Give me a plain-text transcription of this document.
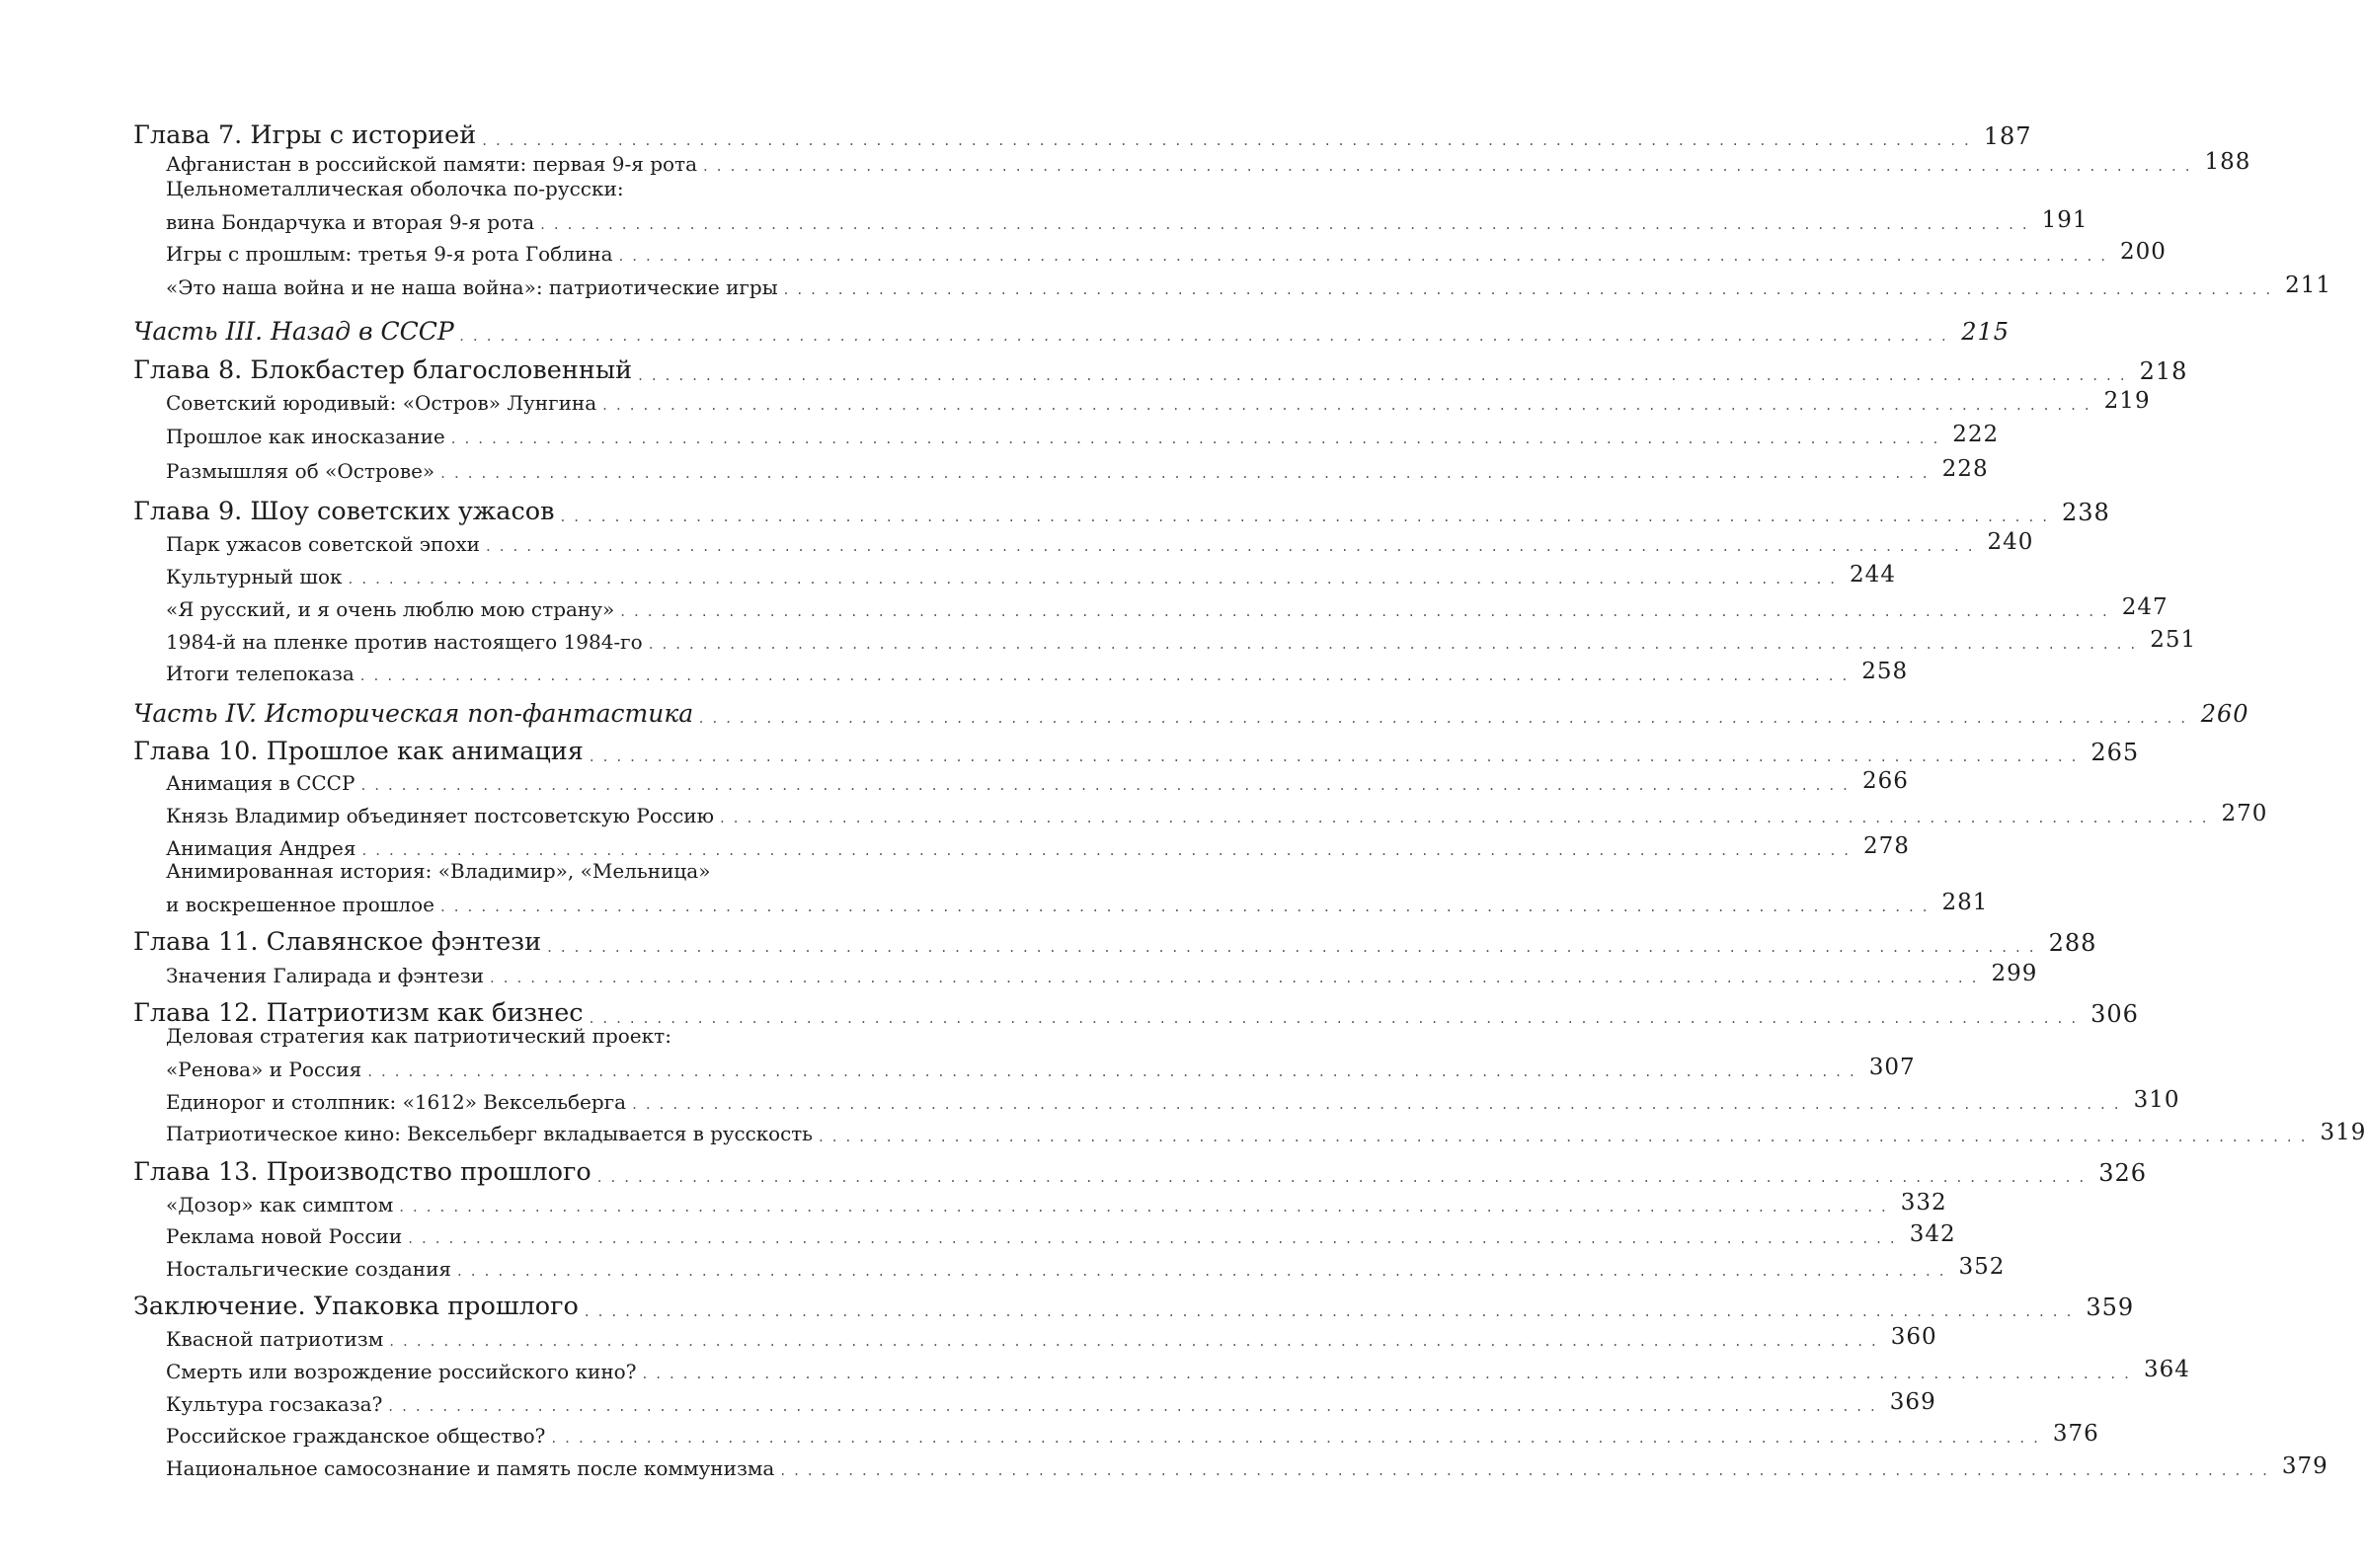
Глава 7. Игры с историей .............................................................................................................. 187
Афганистан в российской памяти: первая 9-я рота .............................................................................................................. 188
Цельнометаллическая оболочка по-русски:
вина Бондарчука и вторая 9-я рота .............................................................................................................. 191
Игры с прошлым: третья 9-я рота Гоблина .............................................................................................................. 200
«Это наша война и не наша война»: патриотические игры .............................................................................................................. 211
Часть III. Назад в СССР .............................................................................................................. 215
Глава 8. Блокбастер благословенный .............................................................................................................. 218
Советский юродивый: «Остров» Лунгина .............................................................................................................. 219
Прошлое как иносказание .............................................................................................................. 222
Размышляя об «Острове» .............................................................................................................. 228
Глава 9. Шоу советских ужасов .............................................................................................................. 238
Парк ужасов советской эпохи .............................................................................................................. 240
Культурный шок .............................................................................................................. 244
«Я русский, и я очень люблю мою страну» .............................................................................................................. 247
1984-й на пленке против настоящего 1984-го .............................................................................................................. 251
Итоги телепоказа .............................................................................................................. 258
Часть IV. Историческая поп-фантастика .............................................................................................................. 260
Глава 10. Прошлое как анимация .............................................................................................................. 265
Анимация в СССР .............................................................................................................. 266
Князь Владимир объединяет постсоветскую Россию .............................................................................................................. 270
Анимация Андрея .............................................................................................................. 278
Анимированная история: «Владимир», «Мельница»
и воскрешенное прошлое .............................................................................................................. 281
Глава 11. Славянское фэнтези .............................................................................................................. 288
Значения Галирада и фэнтези .............................................................................................................. 299
Глава 12. Патриотизм как бизнес .............................................................................................................. 306
Деловая стратегия как патриотический проект:
«Ренова» и Россия .............................................................................................................. 307
Единорог и столпник: «1612» Вексельберга .............................................................................................................. 310
Патриотическое кино: Вексельберг вкладывается в русскость .............................................................................................................. 319
Глава 13. Производство прошлого .............................................................................................................. 326
«Дозор» как симптом .............................................................................................................. 332
Реклама новой России .............................................................................................................. 342
Ностальгические создания .............................................................................................................. 352
Заключение. Упаковка прошлого .............................................................................................................. 359
Квасной патриотизм .............................................................................................................. 360
Смерть или возрождение российского кино? .............................................................................................................. 364
Культура госзаказа? .............................................................................................................. 369
Российское гражданское общество? .............................................................................................................. 376
Национальное самосознание и память после коммунизма .............................................................................................................. 379
